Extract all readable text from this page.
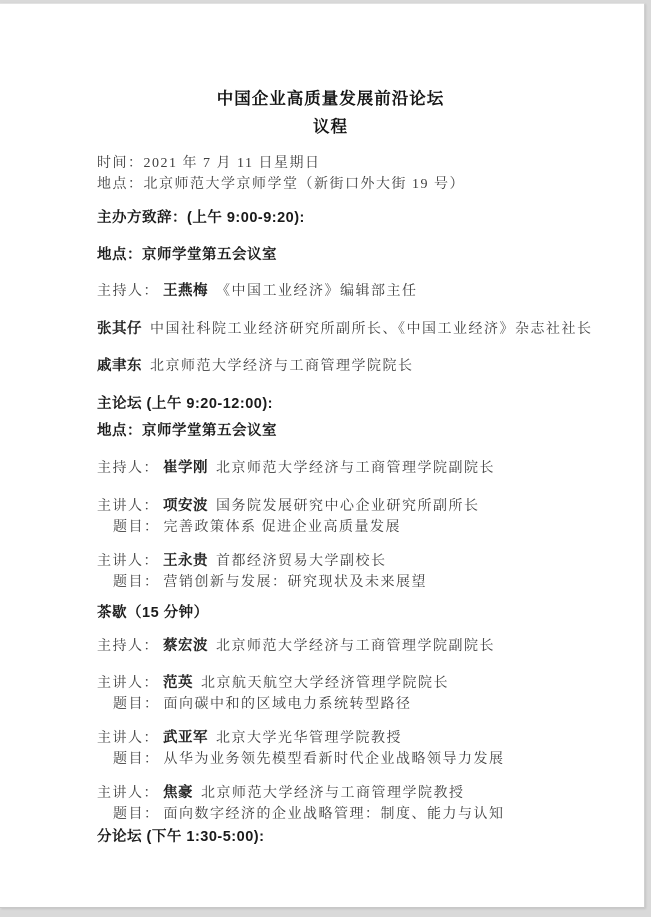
中国企业高质量发展前沿论坛
议程
时间：2021 年 7 月 11 日星期日
地点：北京师范大学京师学堂（新街口外大街 19 号）
主办方致辞：(上午 9:00-9:20):
地点：京师学堂第五会议室
主持人： 王燕梅 《中国工业经济》编辑部主任
张其仔 中国社科院工业经济研究所副所长、《中国工业经济》杂志社社长
戚聿东 北京师范大学经济与工商管理学院院长
主论坛 (上午 9:20-12:00):
地点：京师学堂第五会议室
主持人： 崔学刚 北京师范大学经济与工商管理学院副院长
主讲人： 项安波 国务院发展研究中心企业研究所副所长
题目： 完善政策体系 促进企业高质量发展
主讲人： 王永贵 首都经济贸易大学副校长
题目： 营销创新与发展：研究现状及未来展望
茶歇（15 分钟）
主持人： 蔡宏波 北京师范大学经济与工商管理学院副院长
主讲人： 范英 北京航天航空大学经济管理学院院长
题目： 面向碳中和的区域电力系统转型路径
主讲人： 武亚军 北京大学光华管理学院教授
题目： 从华为业务领先模型看新时代企业战略领导力发展
主讲人： 焦豪 北京师范大学经济与工商管理学院教授
题目： 面向数字经济的企业战略管理：制度、能力与认知
分论坛 (下午 1:30-5:00):
